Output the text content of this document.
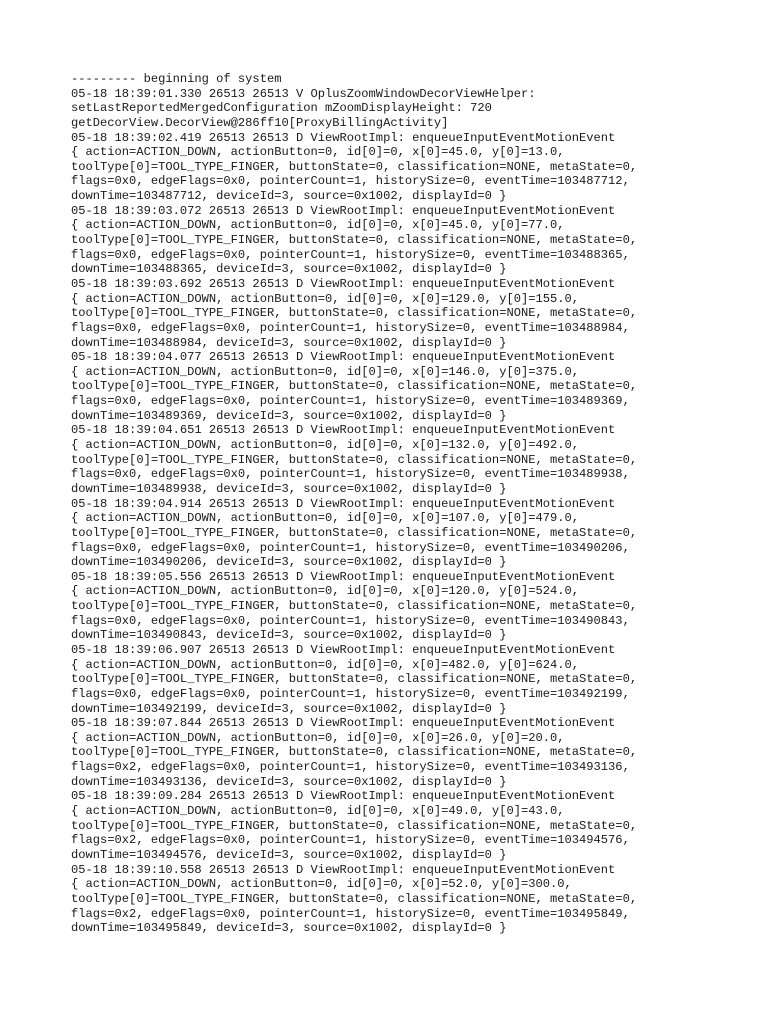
--------- beginning of system
05-18 18:39:01.330 26513 26513 V OplusZoomWindowDecorViewHelper:
setLastReportedMergedConfiguration mZoomDisplayHeight: 720
getDecorView.DecorView@286ff10[ProxyBillingActivity]
05-18 18:39:02.419 26513 26513 D ViewRootImpl: enqueueInputEventMotionEvent
{ action=ACTION_DOWN, actionButton=0, id[0]=0, x[0]=45.0, y[0]=13.0,
toolType[0]=TOOL_TYPE_FINGER, buttonState=0, classification=NONE, metaState=0,
flags=0x0, edgeFlags=0x0, pointerCount=1, historySize=0, eventTime=103487712,
downTime=103487712, deviceId=3, source=0x1002, displayId=0 }
05-18 18:39:03.072 26513 26513 D ViewRootImpl: enqueueInputEventMotionEvent
{ action=ACTION_DOWN, actionButton=0, id[0]=0, x[0]=45.0, y[0]=77.0,
toolType[0]=TOOL_TYPE_FINGER, buttonState=0, classification=NONE, metaState=0,
flags=0x0, edgeFlags=0x0, pointerCount=1, historySize=0, eventTime=103488365,
downTime=103488365, deviceId=3, source=0x1002, displayId=0 }
05-18 18:39:03.692 26513 26513 D ViewRootImpl: enqueueInputEventMotionEvent
{ action=ACTION_DOWN, actionButton=0, id[0]=0, x[0]=129.0, y[0]=155.0,
toolType[0]=TOOL_TYPE_FINGER, buttonState=0, classification=NONE, metaState=0,
flags=0x0, edgeFlags=0x0, pointerCount=1, historySize=0, eventTime=103488984,
downTime=103488984, deviceId=3, source=0x1002, displayId=0 }
05-18 18:39:04.077 26513 26513 D ViewRootImpl: enqueueInputEventMotionEvent
{ action=ACTION_DOWN, actionButton=0, id[0]=0, x[0]=146.0, y[0]=375.0,
toolType[0]=TOOL_TYPE_FINGER, buttonState=0, classification=NONE, metaState=0,
flags=0x0, edgeFlags=0x0, pointerCount=1, historySize=0, eventTime=103489369,
downTime=103489369, deviceId=3, source=0x1002, displayId=0 }
05-18 18:39:04.651 26513 26513 D ViewRootImpl: enqueueInputEventMotionEvent
{ action=ACTION_DOWN, actionButton=0, id[0]=0, x[0]=132.0, y[0]=492.0,
toolType[0]=TOOL_TYPE_FINGER, buttonState=0, classification=NONE, metaState=0,
flags=0x0, edgeFlags=0x0, pointerCount=1, historySize=0, eventTime=103489938,
downTime=103489938, deviceId=3, source=0x1002, displayId=0 }
05-18 18:39:04.914 26513 26513 D ViewRootImpl: enqueueInputEventMotionEvent
{ action=ACTION_DOWN, actionButton=0, id[0]=0, x[0]=107.0, y[0]=479.0,
toolType[0]=TOOL_TYPE_FINGER, buttonState=0, classification=NONE, metaState=0,
flags=0x0, edgeFlags=0x0, pointerCount=1, historySize=0, eventTime=103490206,
downTime=103490206, deviceId=3, source=0x1002, displayId=0 }
05-18 18:39:05.556 26513 26513 D ViewRootImpl: enqueueInputEventMotionEvent
{ action=ACTION_DOWN, actionButton=0, id[0]=0, x[0]=120.0, y[0]=524.0,
toolType[0]=TOOL_TYPE_FINGER, buttonState=0, classification=NONE, metaState=0,
flags=0x0, edgeFlags=0x0, pointerCount=1, historySize=0, eventTime=103490843,
downTime=103490843, deviceId=3, source=0x1002, displayId=0 }
05-18 18:39:06.907 26513 26513 D ViewRootImpl: enqueueInputEventMotionEvent
{ action=ACTION_DOWN, actionButton=0, id[0]=0, x[0]=482.0, y[0]=624.0,
toolType[0]=TOOL_TYPE_FINGER, buttonState=0, classification=NONE, metaState=0,
flags=0x0, edgeFlags=0x0, pointerCount=1, historySize=0, eventTime=103492199,
downTime=103492199, deviceId=3, source=0x1002, displayId=0 }
05-18 18:39:07.844 26513 26513 D ViewRootImpl: enqueueInputEventMotionEvent
{ action=ACTION_DOWN, actionButton=0, id[0]=0, x[0]=26.0, y[0]=20.0,
toolType[0]=TOOL_TYPE_FINGER, buttonState=0, classification=NONE, metaState=0,
flags=0x2, edgeFlags=0x0, pointerCount=1, historySize=0, eventTime=103493136,
downTime=103493136, deviceId=3, source=0x1002, displayId=0 }
05-18 18:39:09.284 26513 26513 D ViewRootImpl: enqueueInputEventMotionEvent
{ action=ACTION_DOWN, actionButton=0, id[0]=0, x[0]=49.0, y[0]=43.0,
toolType[0]=TOOL_TYPE_FINGER, buttonState=0, classification=NONE, metaState=0,
flags=0x2, edgeFlags=0x0, pointerCount=1, historySize=0, eventTime=103494576,
downTime=103494576, deviceId=3, source=0x1002, displayId=0 }
05-18 18:39:10.558 26513 26513 D ViewRootImpl: enqueueInputEventMotionEvent
{ action=ACTION_DOWN, actionButton=0, id[0]=0, x[0]=52.0, y[0]=300.0,
toolType[0]=TOOL_TYPE_FINGER, buttonState=0, classification=NONE, metaState=0,
flags=0x2, edgeFlags=0x0, pointerCount=1, historySize=0, eventTime=103495849,
downTime=103495849, deviceId=3, source=0x1002, displayId=0 }
